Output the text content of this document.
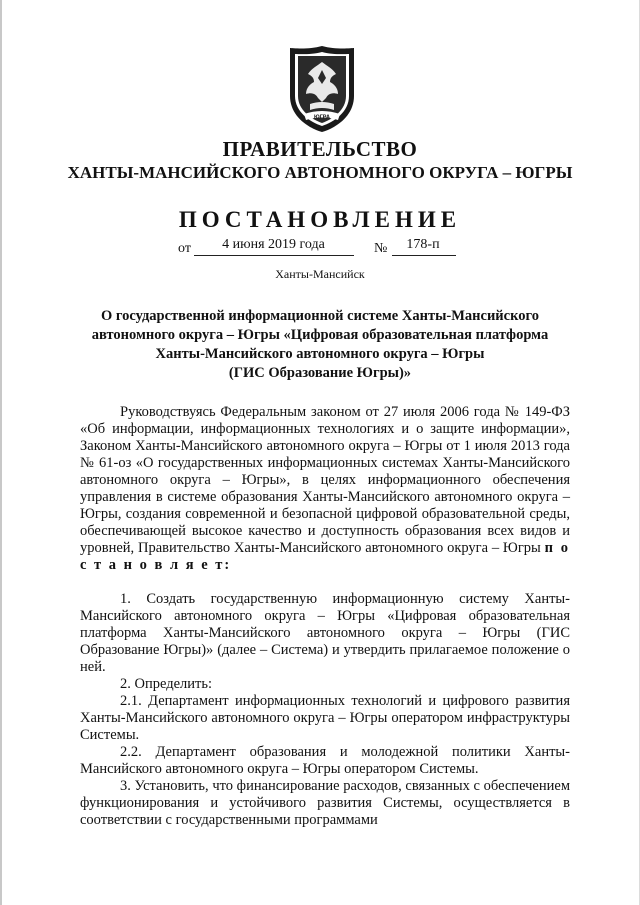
ЮГРА
ПРАВИТЕЛЬСТВО
ХАНТЫ-МАНСИЙСКОГО АВТОНОМНОГО ОКРУГА – ЮГРЫ
ПОСТАНОВЛЕНИЕ
от	4 июня 2019 года	№	178-п
Ханты-Мансийск
О государственной информационной системе Ханты-Мансийского
автономного округа – Югры «Цифровая образовательная платформа
Ханты-Мансийского автономного округа – Югры
(ГИС Образование Югры)»

Руководствуясь Федеральным законом от 27 июля 2006 года № 149-ФЗ «Об информации, информационных технологиях и о защите информации», Законом Ханты-Мансийского автономного округа – Югры от 1 июля 2013 года № 61-оз «О государственных информационных системах Ханты-Мансийского автономного округа – Югры», в целях информационного обеспечения управления в системе образования Ханты-Мансийского автономного округа – Югры, создания современной и безопасной цифровой образовательной среды, обеспечивающей высокое качество и доступность образования всех видов и уровней, Правительство Ханты-Мансийского автономного округа – Югры п о с т а н о в л я е т:

1. Создать государственную информационную систему Ханты-Мансийского автономного округа – Югры «Цифровая образовательная платформа Ханты-Мансийского автономного округа – Югры (ГИС Образование Югры)» (далее – Система) и утвердить прилагаемое положение о ней.

2. Определить:

2.1. Департамент информационных технологий и цифрового развития Ханты-Мансийского автономного округа – Югры оператором инфраструктуры Системы.

2.2. Департамент образования и молодежной политики Ханты-Мансийского автономного округа – Югры оператором Системы.

3. Установить, что финансирование расходов, связанных с обеспечением функционирования и устойчивого развития Системы, осуществляется в соответствии с государственными программами
